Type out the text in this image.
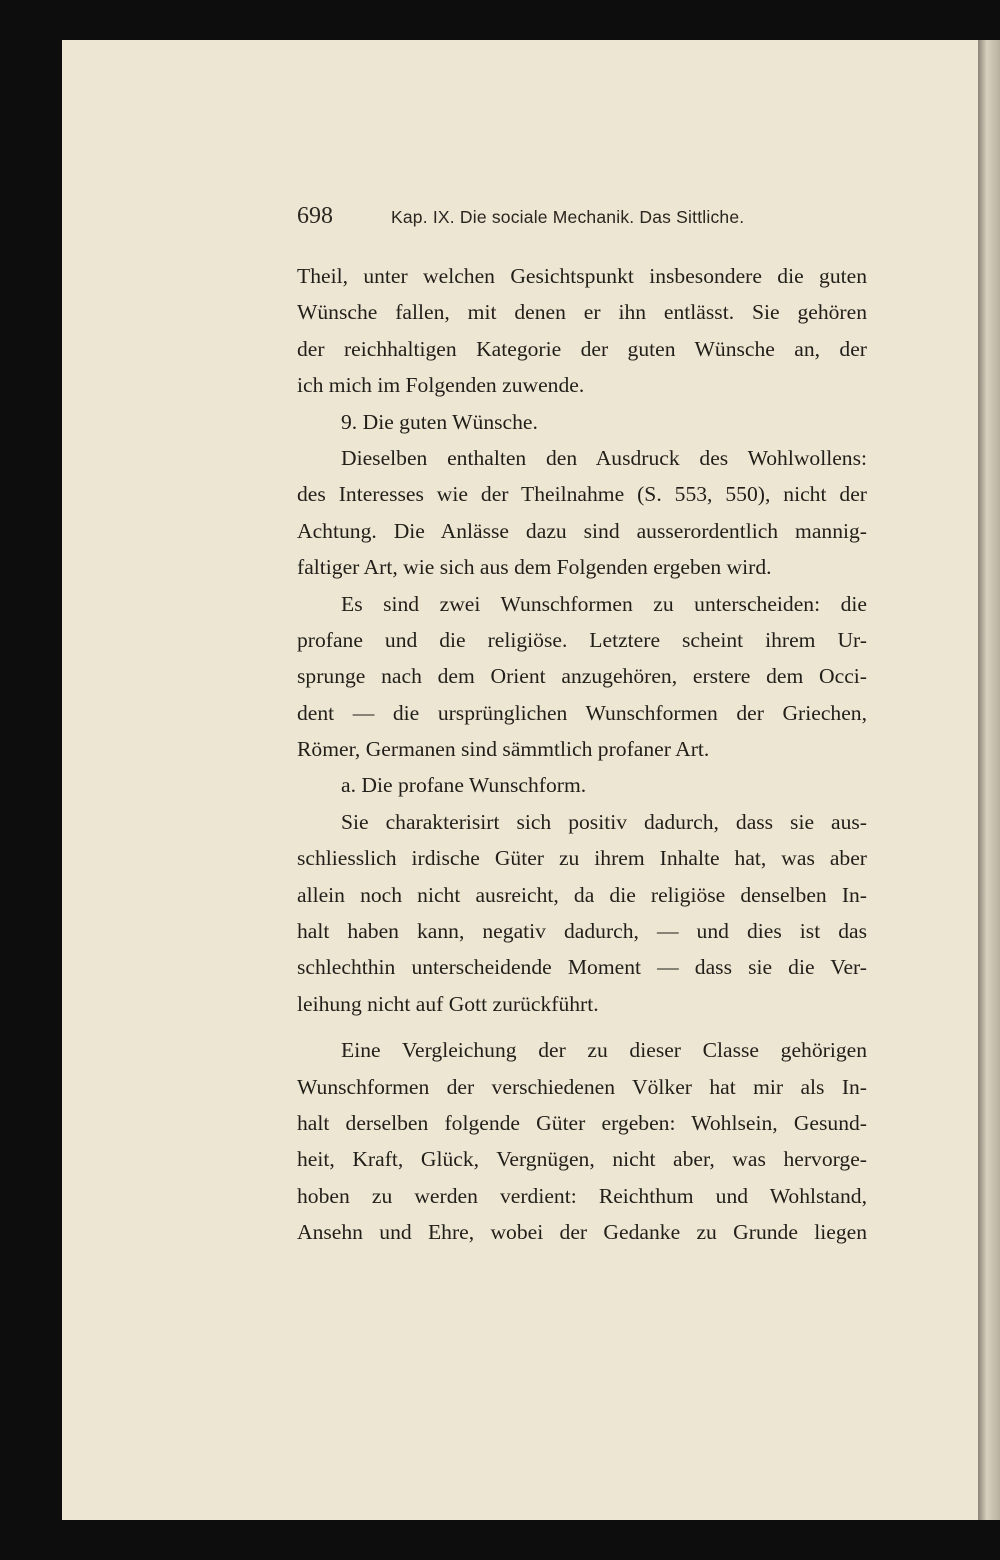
698	Kap. IX. Die sociale Mechanik. Das Sittliche.
Theil, unter welchen Gesichtspunkt insbesondere die guten
Wünsche fallen, mit denen er ihn entlässt. Sie gehören
der reichhaltigen Kategorie der guten Wünsche an, der
ich mich im Folgenden zuwende.
9. Die guten Wünsche.
Dieselben enthalten den Ausdruck des Wohlwollens:
des Interesses wie der Theilnahme (S. 553, 550), nicht der
Achtung. Die Anlässe dazu sind ausserordentlich mannig-
faltiger Art, wie sich aus dem Folgenden ergeben wird.
Es sind zwei Wunschformen zu unterscheiden: die
profane und die religiöse. Letztere scheint ihrem Ur-
sprunge nach dem Orient anzugehören, erstere dem Occi-
dent — die ursprünglichen Wunschformen der Griechen,
Römer, Germanen sind sämmtlich profaner Art.
a. Die profane Wunschform.
Sie charakterisirt sich positiv dadurch, dass sie aus-
schliesslich irdische Güter zu ihrem Inhalte hat, was aber
allein noch nicht ausreicht, da die religiöse denselben In-
halt haben kann, negativ dadurch, — und dies ist das
schlechthin unterscheidende Moment — dass sie die Ver-
leihung nicht auf Gott zurückführt.
Eine Vergleichung der zu dieser Classe gehörigen
Wunschformen der verschiedenen Völker hat mir als In-
halt derselben folgende Güter ergeben: Wohlsein, Gesund-
heit, Kraft, Glück, Vergnügen, nicht aber, was hervorge-
hoben zu werden verdient: Reichthum und Wohlstand,
Ansehn und Ehre, wobei der Gedanke zu Grunde liegen
